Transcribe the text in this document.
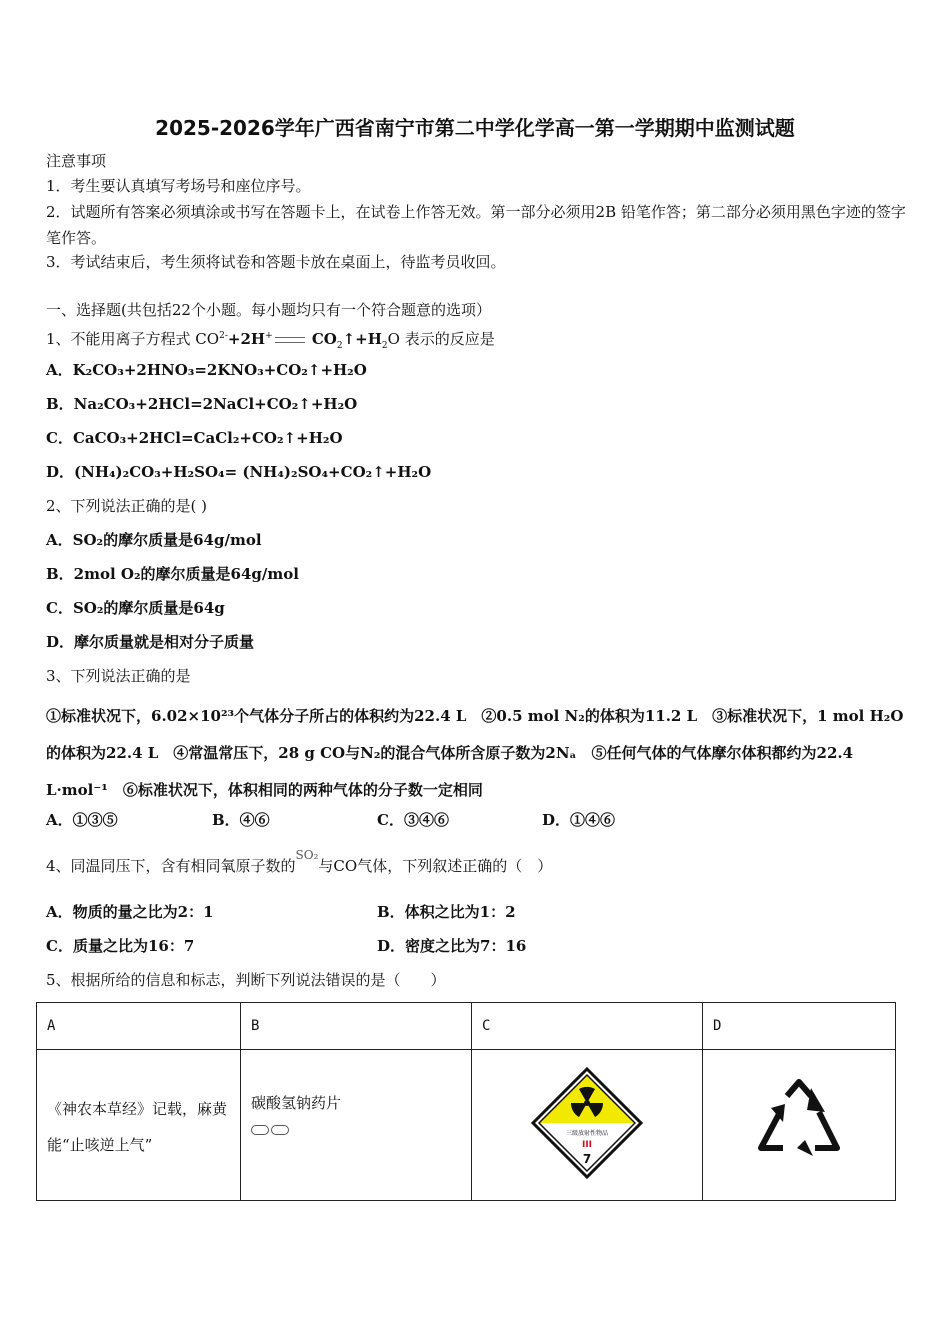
2025-2026学年广西省南宁市第二中学化学高一第一学期期中监测试题
注意事项
1．考生要认真填写考场号和座位序号。
2．试题所有答案必须填涂或书写在答题卡上，在试卷上作答无效。第一部分必须用2B 铅笔作答；第二部分必须用黑色字迹的签字笔作答。
3．考试结束后，考生须将试卷和答题卡放在桌面上，待监考员收回。
一、选择题(共包括22个小题。每小题均只有一个符合题意的选项）
1、不能用离子方程式 $CO^{2-}+2H^+$ $CO_2↑+H_2O$ 表示的反应是
A．K₂CO₃+2HNO₃=2KNO₃+CO₂↑+H₂O
B．Na₂CO₃+2HCl=2NaCl+CO₂↑+H₂O
C．CaCO₃+2HCl=CaCl₂+CO₂↑+H₂O
D．(NH₄)₂CO₃+H₂SO₄= (NH₄)₂SO₄+CO₂↑+H₂O
2、下列说法正确的是( )
A．SO₂的摩尔质量是64g/mol
B．2mol O₂的摩尔质量是64g/mol
C．SO₂的摩尔质量是64g
D．摩尔质量就是相对分子质量
3、下列说法正确的是
①标准状况下，6.02×10²³个气体分子所占的体积约为22.4 L　②0.5 mol N₂的体积为11.2 L　③标准状况下，1 mol H₂O的体积为22.4 L　④常温常压下，28 g CO与N₂的混合气体所含原子数为2Nₐ　⑤任何气体的气体摩尔体积都约为22.4 L·mol⁻¹　⑥标准状况下，体积相同的两种气体的分子数一定相同
A．①③⑤	B．④⑥	C．③④⑥	D．①④⑥
4、同温同压下，含有相同氧原子数的$^{SO_2}$与CO气体，下列叙述正确的（　）
A．物质的量之比为2：1	B．体积之比为1：2
C．质量之比为16：7	D．密度之比为7：16
5、根据所给的信息和标志，判断下列说法错误的是（　　）
A	B	C	D
《神农本草经》记载，麻黄能“止咳逆上气”	碳酸氢钠药片	三级放射性物品
III
7
